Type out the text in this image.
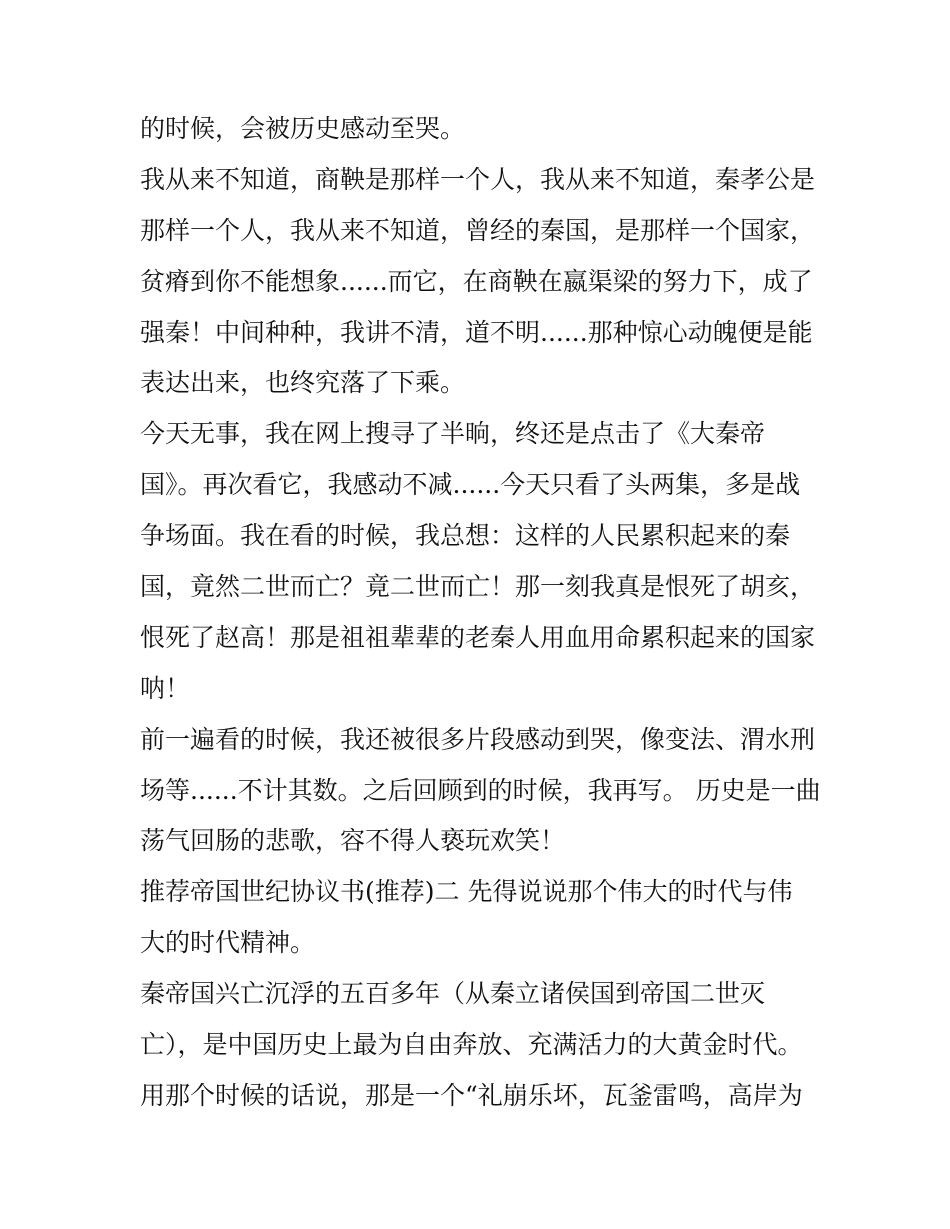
的时候，会被历史感动至哭。
我从来不知道，商鞅是那样一个人，我从来不知道，秦孝公是
那样一个人，我从来不知道，曾经的秦国，是那样一个国家，
贫瘠到你不能想象......而它，在商鞅在嬴渠梁的努力下，成了
强秦！中间种种，我讲不清，道不明......那种惊心动魄便是能
表达出来，也终究落了下乘。
今天无事，我在网上搜寻了半晌，终还是点击了《大秦帝
国》。再次看它，我感动不减......今天只看了头两集，多是战
争场面。我在看的时候，我总想：这样的人民累积起来的秦
国，竟然二世而亡？竟二世而亡！那一刻我真是恨死了胡亥，
恨死了赵高！那是祖祖辈辈的老秦人用血用命累积起来的国家
呐！
前一遍看的时候，我还被很多片段感动到哭，像变法、渭水刑
场等......不计其数。之后回顾到的时候，我再写。 历史是一曲
荡气回肠的悲歌，容不得人亵玩欢笑！
推荐帝国世纪协议书(推荐)二 先得说说那个伟大的时代与伟
大的时代精神。
秦帝国兴亡沉浮的五百多年（从秦立诸侯国到帝国二世灭
亡），是中国历史上最为自由奔放、充满活力的大黄金时代。
用那个时候的话说，那是一个“礼崩乐坏，瓦釜雷鸣，高岸为
